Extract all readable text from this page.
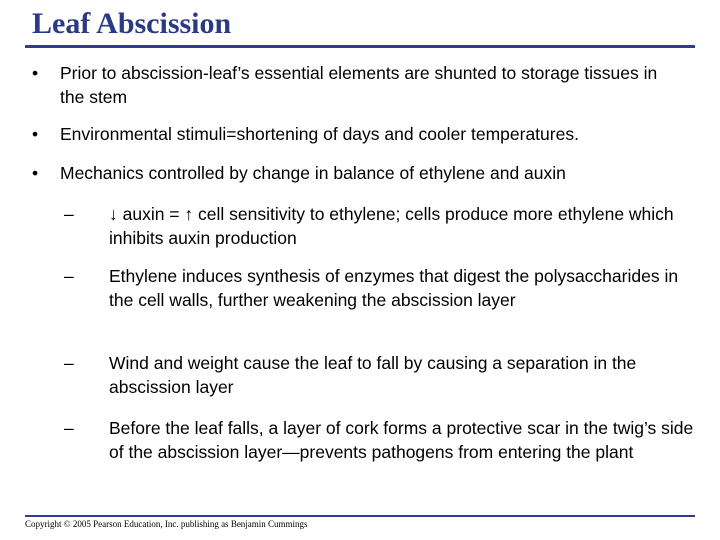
Leaf Abscission
•	Prior to abscission-leaf’s essential elements are shunted to storage tissues in the stem
•	Environmental stimuli=shortening of days and cooler temperatures.
•	Mechanics controlled by change in balance of ethylene and auxin
–	↓ auxin = ↑ cell sensitivity to ethylene; cells produce more ethylene which inhibits auxin production
–	Ethylene induces synthesis of enzymes that digest the polysaccharides in the cell walls, further weakening the abscission layer
–	Wind and weight cause the leaf to fall by causing a separation in the abscission layer
–	Before the leaf falls, a layer of cork forms a protective scar in the twig’s side of the abscission layer—prevents pathogens from entering the plant
Copyright © 2005 Pearson Education, Inc. publishing as Benjamin Cummings
